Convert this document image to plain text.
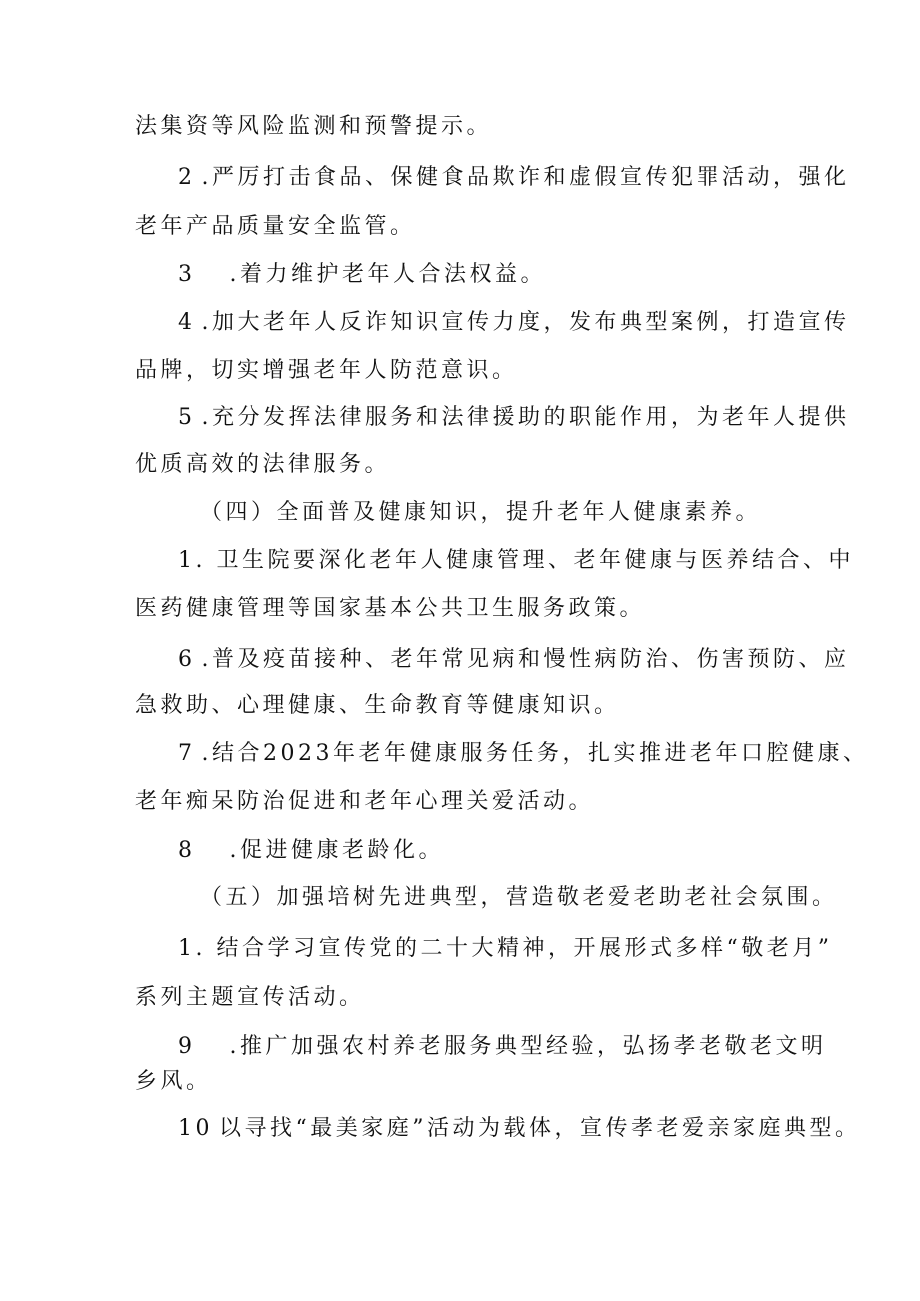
法集资等风险监测和预警提示。
2 .严厉打击食品、保健食品欺诈和虚假宣传犯罪活动，强化
老年产品质量安全监管。
3 .着力维护老年人合法权益。
4 .加大老年人反诈知识宣传力度，发布典型案例，打造宣传
品牌，切实增强老年人防范意识。
5 .充分发挥法律服务和法律援助的职能作用，为老年人提供
优质高效的法律服务。
（四）全面普及健康知识，提升老年人健康素养。
1. 卫生院要深化老年人健康管理、老年健康与医养结合、中
医药健康管理等国家基本公共卫生服务政策。
6 .普及疫苗接种、老年常见病和慢性病防治、伤害预防、应
急救助、心理健康、生命教育等健康知识。
7 .结合2023年老年健康服务任务，扎实推进老年口腔健康、
老年痴呆防治促进和老年心理关爱活动。
8 .促进健康老龄化。
（五）加强培树先进典型，营造敬老爱老助老社会氛围。
1. 结合学习宣传党的二十大精神，开展形式多样“敬老月”
系列主题宣传活动。
9 .推广加强农村养老服务典型经验，弘扬孝老敬老文明
乡风。
10 以寻找“最美家庭”活动为载体，宣传孝老爱亲家庭典型。
